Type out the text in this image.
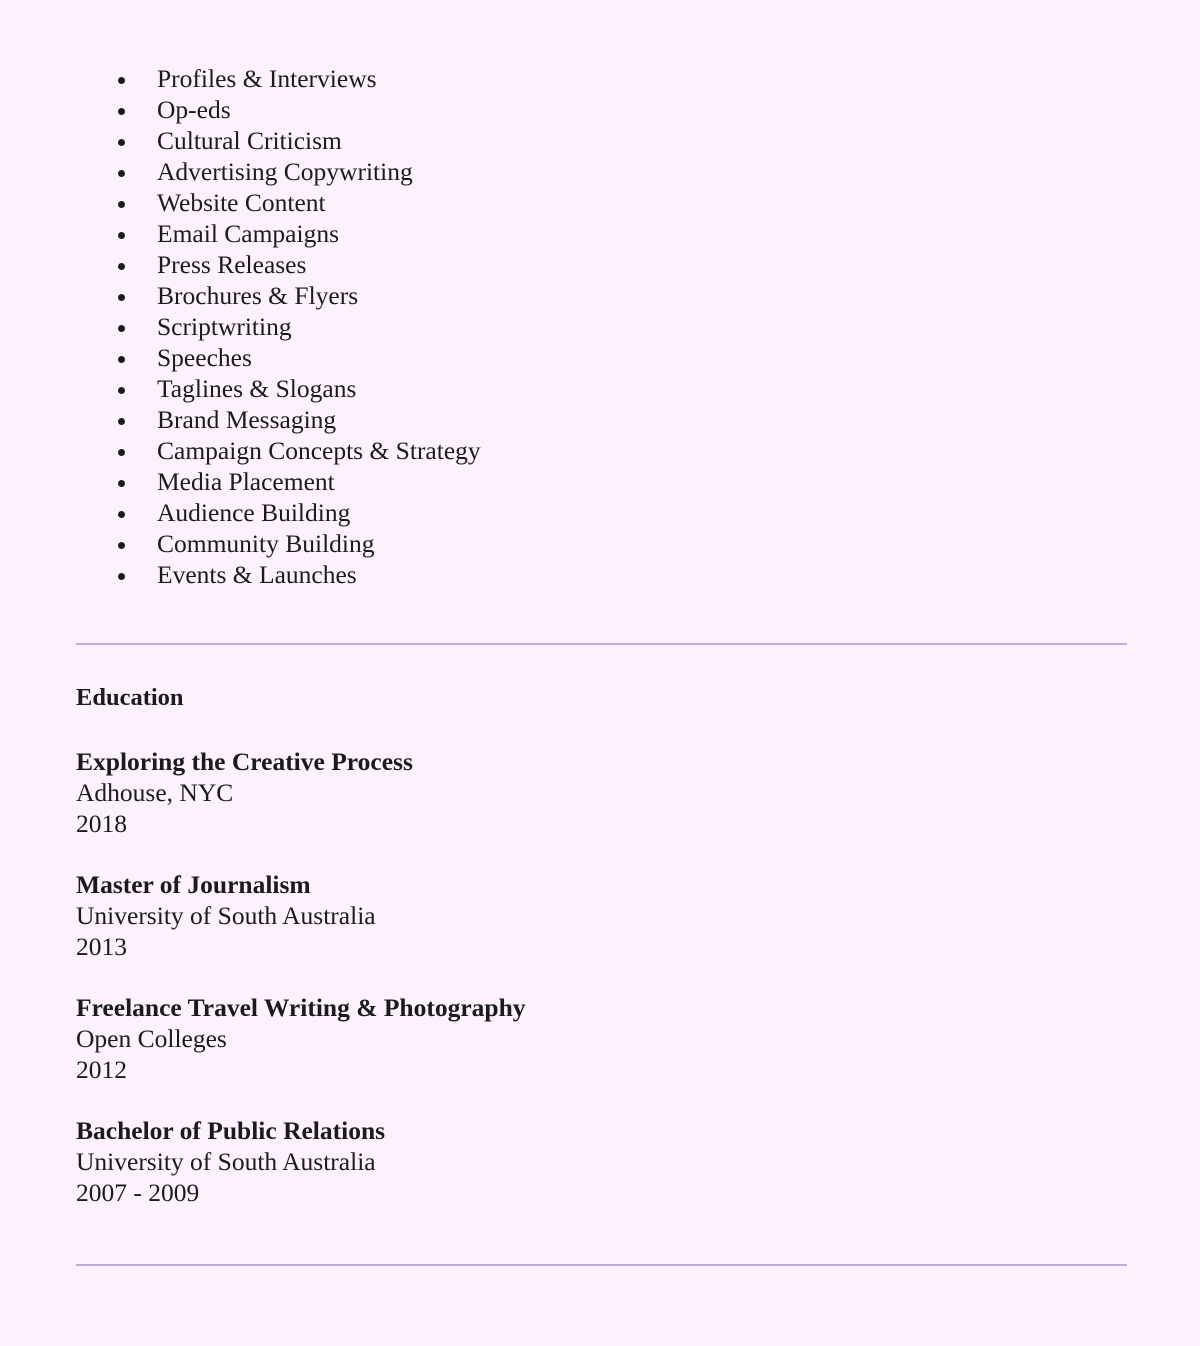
Profiles & Interviews
Op-eds
Cultural Criticism
Advertising Copywriting
Website Content
Email Campaigns
Press Releases
Brochures & Flyers
Scriptwriting
Speeches
Taglines & Slogans
Brand Messaging
Campaign Concepts & Strategy
Media Placement
Audience Building
Community Building
Events & Launches
Education
Exploring the Creative Process
Adhouse, NYC
2018
Master of Journalism
University of South Australia
2013
Freelance Travel Writing & Photography
Open Colleges
2012
Bachelor of Public Relations
University of South Australia
2007 - 2009
